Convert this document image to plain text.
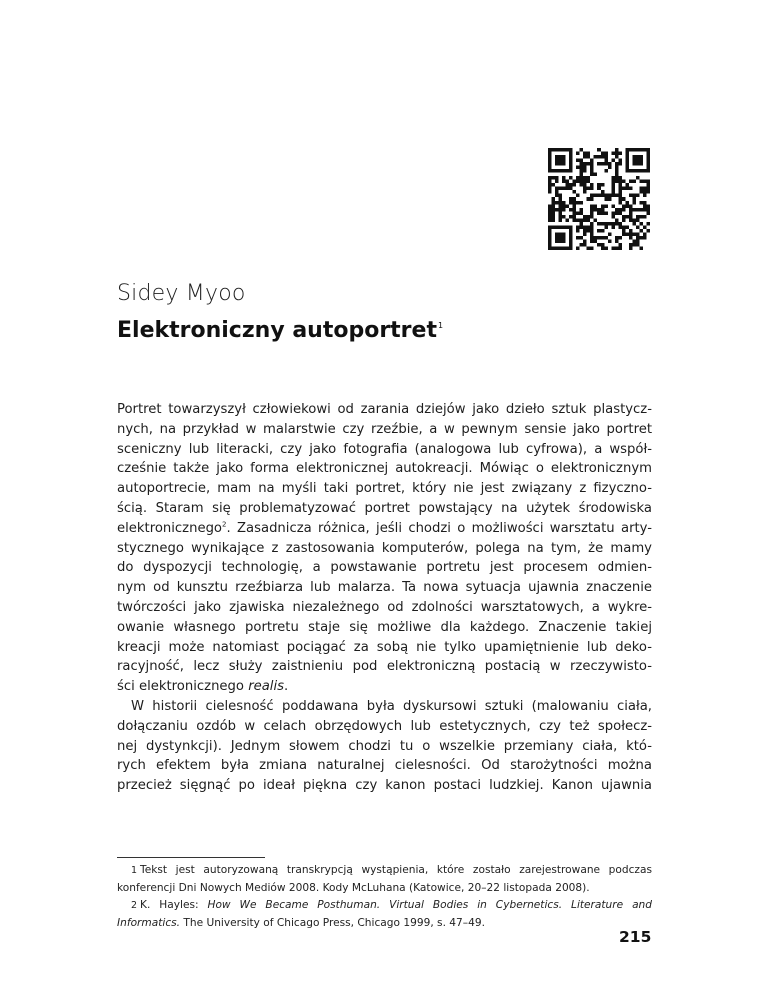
Sidey Myoo
Elektroniczny autoportret$^1$
Portret towarzyszył człowiekowi od zarania dziejów jako dzieło sztuk plastycz-
nych, na przykład w malarstwie czy rzeźbie, a w pewnym sensie jako portret
sceniczny lub literacki, czy jako fotografia (analogowa lub cyfrowa), a współ-
cześnie także jako forma elektronicznej autokreacji. Mówiąc o elektronicznym
autoportrecie, mam na myśli taki portret, który nie jest związany z fizyczno-
ścią. Staram się problematyzować portret powstający na użytek środowiska
elektronicznego$^2$. Zasadnicza różnica, jeśli chodzi o możliwości warsztatu arty-
stycznego wynikające z zastosowania komputerów, polega na tym, że mamy
do dyspozycji technologię, a powstawanie portretu jest procesem odmien-
nym od kunsztu rzeźbiarza lub malarza. Ta nowa sytuacja ujawnia znaczenie
twórczości jako zjawiska niezależnego od zdolności warsztatowych, a wykre-
owanie własnego portretu staje się możliwe dla każdego. Znaczenie takiej
kreacji może natomiast pociągać za sobą nie tylko upamiętnienie lub deko-
racyjność, lecz służy zaistnieniu pod elektroniczną postacią w rzeczywisto-
ści elektronicznego realis.
W historii cielesność poddawana była dyskursowi sztuki (malowaniu ciała,
dołączaniu ozdób w celach obrzędowych lub estetycznych, czy też społecz-
nej dystynkcji). Jednym słowem chodzi tu o wszelkie przemiany ciała, któ-
rych efektem była zmiana naturalnej cielesności. Od starożytności można
przecież sięgnąć po ideał piękna czy kanon postaci ludzkiej. Kanon ujawnia
1 Tekst jest autoryzowaną transkrypcją wystąpienia, które zostało zarejestrowane podczas
konferencji Dni Nowych Mediów 2008. Kody McLuhana (Katowice, 20–22 listopada 2008).
2 K. Hayles: How We Became Posthuman. Virtual Bodies in Cybernetics. Literature and
Informatics. The University of Chicago Press, Chicago 1999, s. 47–49.
215
